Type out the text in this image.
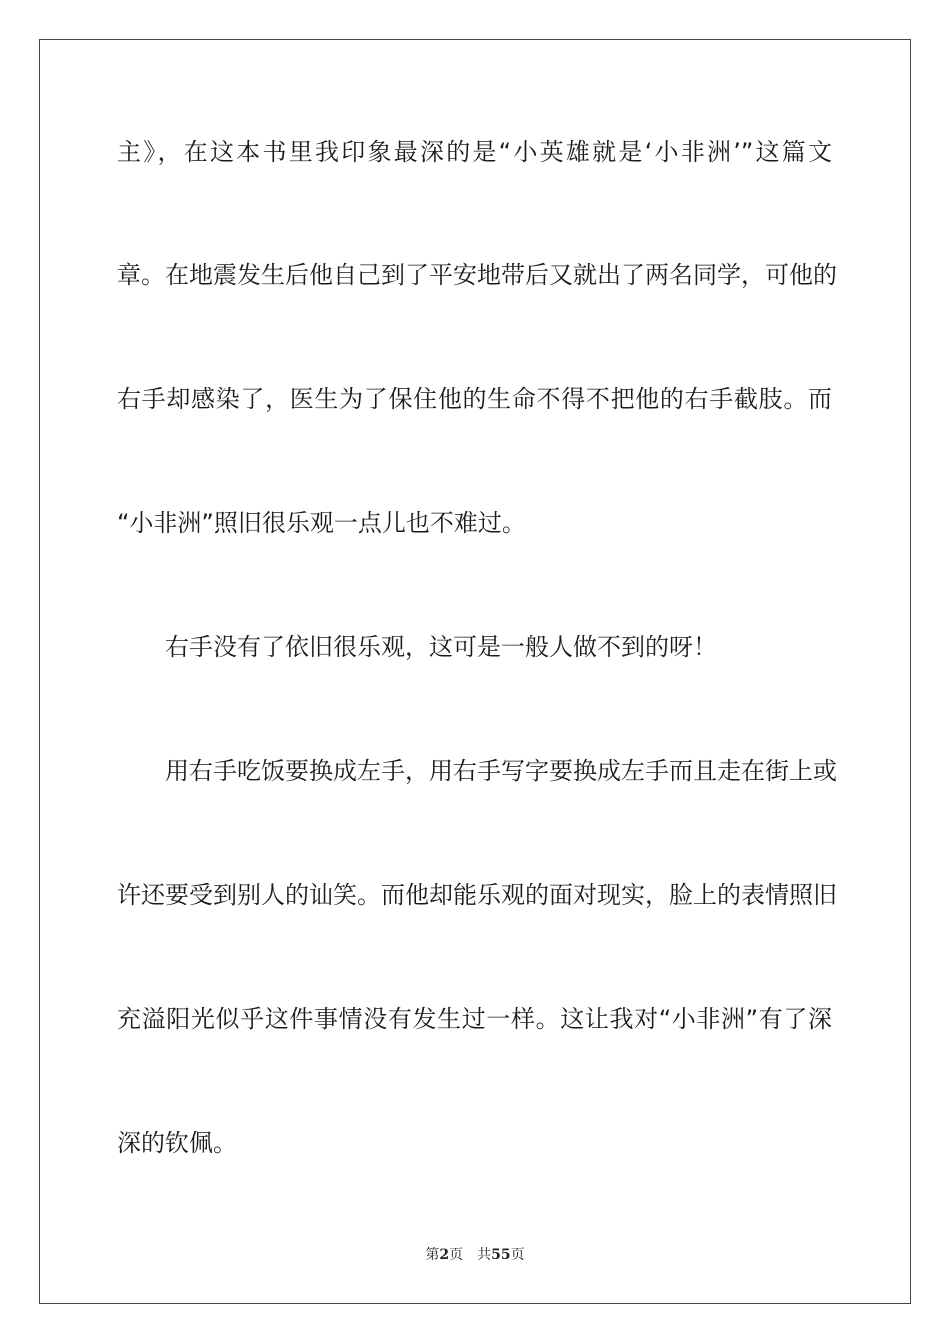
主》，在这本书里我印象最深的是“小英雄就是‘小非洲’”这篇文
章。在地震发生后他自己到了平安地带后又就出了两名同学，可他的
右手却感染了，医生为了保住他的生命不得不把他的右手截肢。而
“小非洲”照旧很乐观一点儿也不难过。
右手没有了依旧很乐观，这可是一般人做不到的呀！
用右手吃饭要换成左手，用右手写字要换成左手而且走在街上或
许还要受到别人的讪笑。而他却能乐观的面对现实，脸上的表情照旧
充溢阳光似乎这件事情没有发生过一样。这让我对“小非洲”有了深
深的钦佩。
第2页 共55页
